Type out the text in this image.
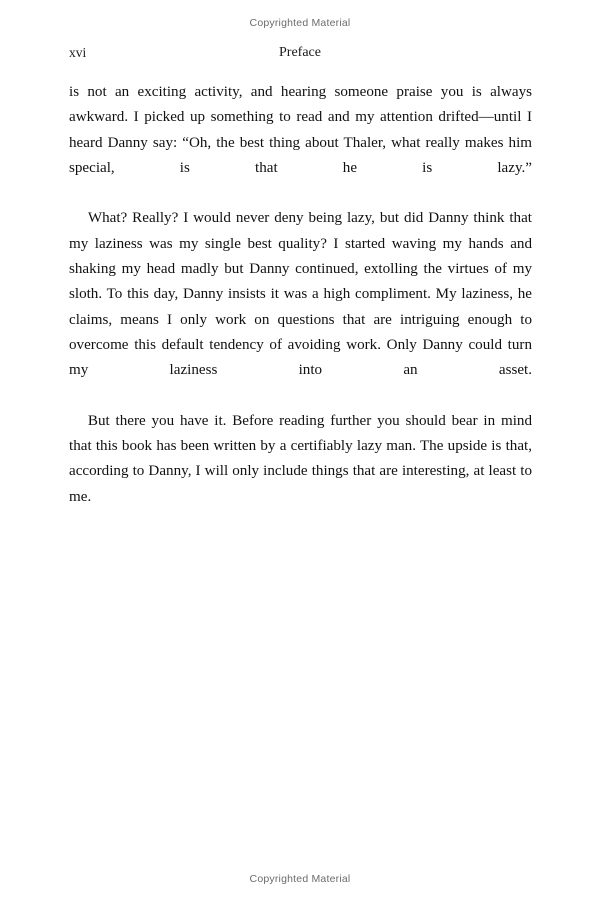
Copyrighted Material
xvi	Preface

is not an exciting activity, and hearing someone praise you is always awkward. I picked up something to read and my attention drifted—until I heard Danny say: “Oh, the best thing about Thaler, what really makes him special, is that he is lazy.”

What? Really? I would never deny being lazy, but did Danny think that my laziness was my single best quality? I started waving my hands and shaking my head madly but Danny continued, extolling the virtues of my sloth. To this day, Danny insists it was a high compliment. My laziness, he claims, means I only work on questions that are intriguing enough to overcome this default tendency of avoiding work. Only Danny could turn my laziness into an asset.

But there you have it. Before reading further you should bear in mind that this book has been written by a certifiably lazy man. The upside is that, according to Danny, I will only include things that are interesting, at least to me.

Copyrighted Material
